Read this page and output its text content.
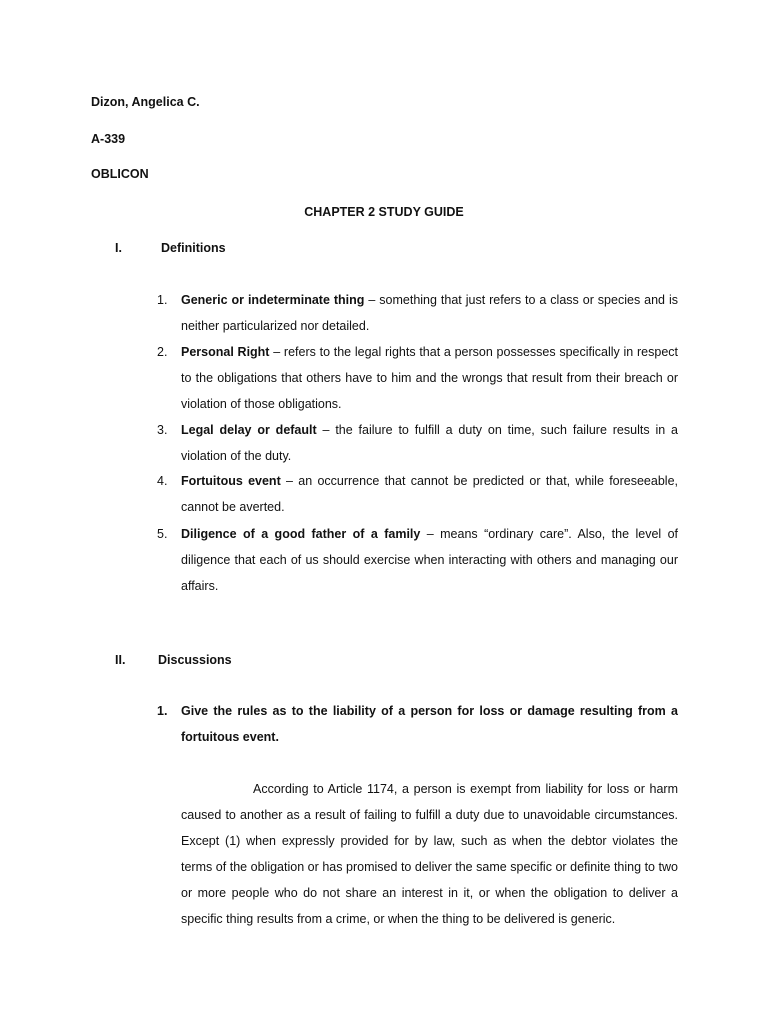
Dizon, Angelica C.
A-339
OBLICON
CHAPTER 2 STUDY GUIDE
I.	Definitions
1. Generic or indeterminate thing – something that just refers to a class or species and is neither particularized nor detailed.
2. Personal Right – refers to the legal rights that a person possesses specifically in respect to the obligations that others have to him and the wrongs that result from their breach or violation of those obligations.
3. Legal delay or default – the failure to fulfill a duty on time, such failure results in a violation of the duty.
4. Fortuitous event – an occurrence that cannot be predicted or that, while foreseeable, cannot be averted.
5. Diligence of a good father of a family – means “ordinary care”. Also, the level of diligence that each of us should exercise when interacting with others and managing our affairs.
II.	Discussions
1. Give the rules as to the liability of a person for loss or damage resulting from a fortuitous event.
According to Article 1174, a person is exempt from liability for loss or harm caused to another as a result of failing to fulfill a duty due to unavoidable circumstances. Except (1) when expressly provided for by law, such as when the debtor violates the terms of the obligation or has promised to deliver the same specific or definite thing to two or more people who do not share an interest in it, or when the obligation to deliver a specific thing results from a crime, or when the thing to be delivered is generic.
